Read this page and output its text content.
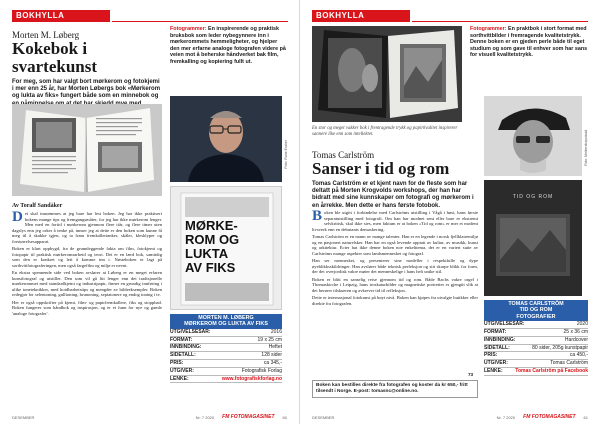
BOKHYLLA
Morten M. Løberg
Kokebok i svartekunst
For meg, som har valgt bort mørkerom og fotokjemi i mer enn 25 år, har Morten Løbergs bok «Mørkerom og lukta av fiks» fungert både som en minnebok og
Av Toralf Sandåker
Det skal innrømmes at jeg bare har lest boken. Jeg har ikke praktisert bokens mange tips og fremgangsmåter, for jeg har ikke mørkerom lenger. Men med en fortid i mørkerom gjennom flere tiår, og flere timer uten dagslys enn jeg orker å tenke på, innser jeg at dette er den boken som kunne få meg til å skakke igjen, og ta fram fremkallertanker, skåler, klesklyper og forstørrelsesapparat.
Boken er klart oppbygd, fra de grunnleggende fakta om film, fotokjemi og fotopapir til praktisk mørkeromsarbeid og teori. Det er en lærd bok, samtidig som den er konkret og lett å komme inn i. Nøsteboken er lagt på sorthvittfotograferingen, men også fargefilm og miljø er nevnt.
En ekstra spennende side ved boken avslører at Løberg er en meget erfaren kunstfotograf og utstiller. Den som vil gå litt lenger enn det tradisjonelle mørkerommet med standardkjemi og industripapir, finner en grundig innføring i ulike toneteknikker, med hoidbarhetstips og mengder av bildeeksempler. Boken redegjør for selentoning, gulltoning, brunoning, sepiatonere og endog toning i te.
Her er også oppskrifter på kjemi, film- og papirfremkallere, fiks og stoppbad. Boken fungerer som håndbok og inspirasjon, og er et funn for nye og gamle 'analoge fotografer'.
Fotogrammer: En inspirerende og praktisk bruksbok som leder nybegynnere inn i mørkerommets hemmeligheter, og hjelper den mer erfarne analoge fotografen videre på veien mot å beherske håndverket bak film, fremkalling og kopiering fullt ut.
Foto: Rune Eraker
MØRKE-
ROM OG
LUKTA
AV FIKS
MORTEN M. LØBERG
MØRKEROM OG LUKTA AV FIKS
UTGIVELSESÅR:	2016
FORMAT:	19 x 25 cm
INNBINDING:	Heftet
SIDETALL:	128 sider
PRIS:	ca 345,-
UTGIVER:	Fotografisk Forlag
LENKE:	www.fotografiskforlag.no
DESEMBER	Nr. 7 2020 FM FOTOMAGASINET 60
BOKHYLLA
En stor og meget vakker bok i fremragende trykk og papirkvalitet inspirerer sannere like enn som intellektet.
Tomas Carlström
Sanser i tid og rom
Tomas Carlström er et kjent navn for de fleste som har deltatt på Morten Krogvolds workshops, der han har bidratt med sine kunnskaper om fotografi og mørkerom i en årrekke. Men dette er hans første fotobok.
Boken ble utgitt i forbindelse med Carlströms utstilling i Vågå i høst, hans første separatutstilling med fotografi. Om han har modnet sent eller bare er ekstremt selvkritisk, skal ikke sies, men faktum er at boken «Tid og rom» er mer et modent livsverk enn en debutants demaskering.
Tomas Carlström er en mann av mange talenter. Han er en legende i norsk fjellklatremiljø og en pasjonert naturelsker. Han har en også levende opptatt av kultur, av musikk, kunst og arkitektur. Ecter hat ikke denne boken noe enkelttema, det er en variert suite av Carlströms mange aspekter som landsmennesket og fotograf.
Han ser menneskei, og presenterer sine modeller i respektfulle og dype øyeblikksskildringer. Han avslører både teknisk perfeksjon og sitt skarpe blikk for form, der det overjordisk vakre møter det menneskelige i hans helt unike stil.
Boken er blitt en sanselig reise gjennom tid og rom. Både Bachs vakre orgel i Thomaskirche i Leipzig, hans troskaturbilder og magnetiske portretter er gjengitt slik at det berører tilskueren og avkrever tid til refleksjon.
Dette er internasjonal fotokunst på høyt nivå. Boken kan kjøpes fra utvalgte butikker eller direkte fra fotografen.
Boken kan bestilles direkte fra fotografen og koster da kr 650,- fritt tilsendt i Norge. E-post: tomasnc@online.no.
73
Fotogrammer: En praktbok i stort format med sorthvittbilder i fremragende kvalitetstrykk. Denne boken er en gjeden perle både til eget studium og som gave til enhver som har sans for visuell kvalitetstrykk.
Foto: Melkerstrøpokuld
TID OG ROM
TOMAS CARLSTRÖM
TID OG ROM
FOTOGRAFIER
UTGIVELSESÅR:	2020
FORMAT:	25 x 36 cm
INNBINDING:	Hardcover
SIDETALL:	80 sider, 205g kunstpapir
PRIS:	ca 450,-
UTGIVER:	Tomas Carlström
LENKE:	Tomas Carlström på Facebook
DESEMBER	Nr. 7 2020 FM FOTOMAGASINET 61
